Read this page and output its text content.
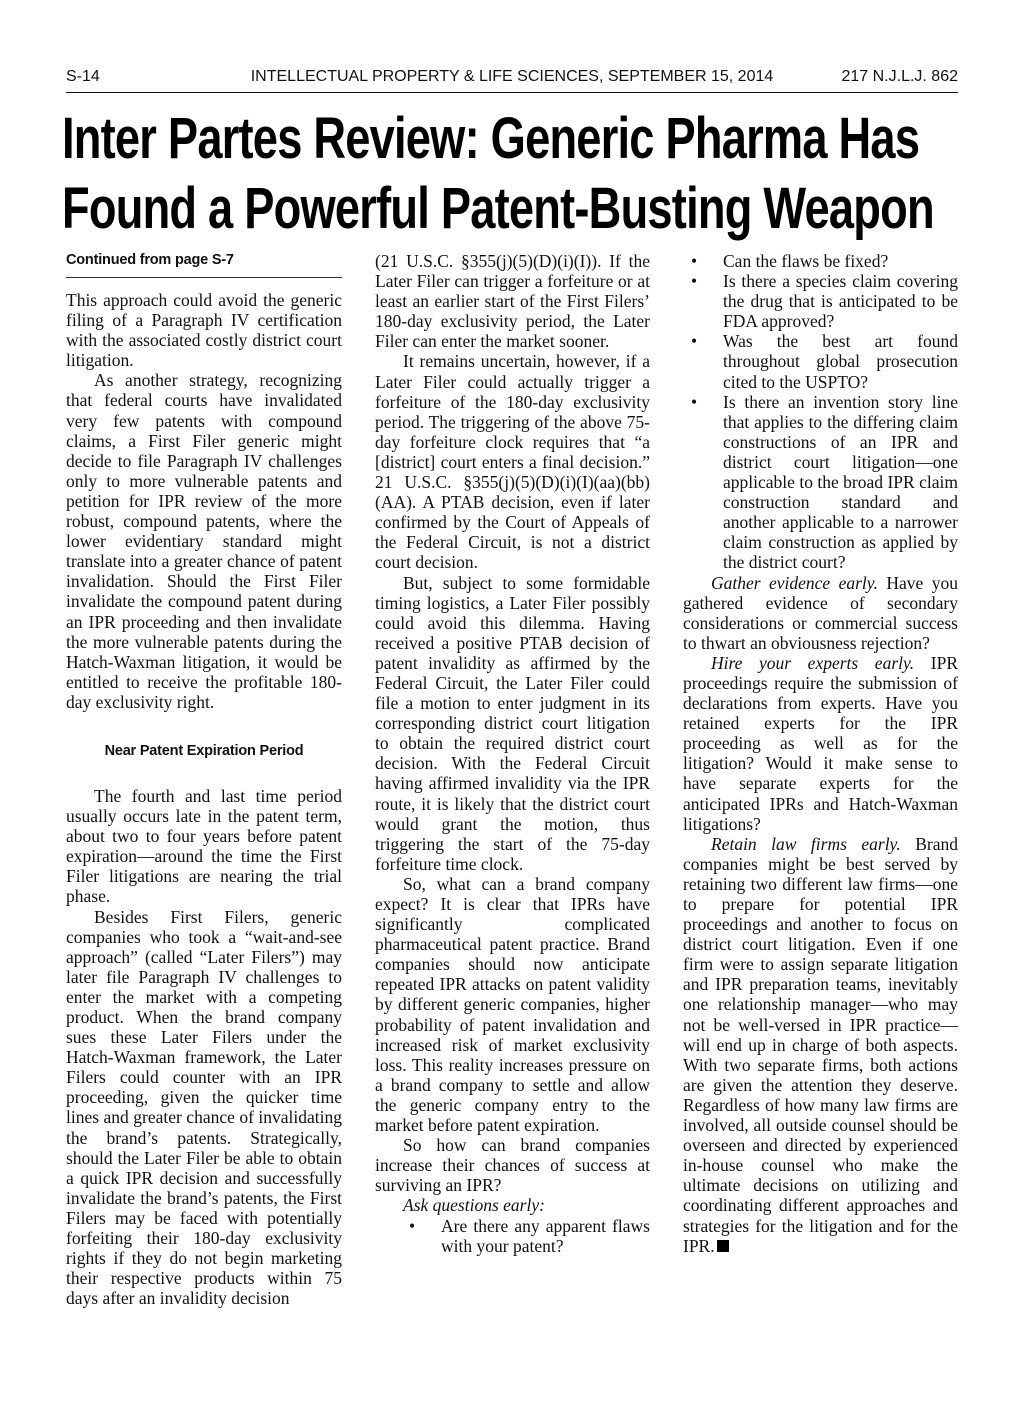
INTELLECTUAL PROPERTY & LIFE SCIENCES, SEPTEMBER 15, 2014
S-14	217 N.J.L.J. 862
Inter Partes Review: Generic Pharma Has
Found a Powerful Patent-Busting Weapon
Continued from page S-7

This approach could avoid the generic filing of a Paragraph IV certification with the associated costly district court litigation.

As another strategy, recognizing that federal courts have invalidated very few patents with compound claims, a First Filer generic might decide to file Paragraph IV challenges only to more vulnerable patents and petition for IPR review of the more robust, compound patents, where the lower evidentiary standard might translate into a greater chance of patent invalidation. Should the First Filer invalidate the compound patent during an IPR proceeding and then invalidate the more vulnerable patents during the Hatch-Waxman litigation, it would be entitled to receive the profitable 180-day exclusivity right.

Near Patent Expiration Period

The fourth and last time period usually occurs late in the patent term, about two to four years before patent expiration—around the time the First Filer litigations are nearing the trial phase.

Besides First Filers, generic companies who took a “wait-and-see approach” (called “Later Filers”) may later file Paragraph IV challenges to enter the market with a competing product. When the brand company sues these Later Filers under the Hatch-Waxman framework, the Later Filers could counter with an IPR proceeding, given the quicker time lines and greater chance of invalidating the brand’s patents. Strategically, should the Later Filer be able to obtain a quick IPR decision and successfully invalidate the brand’s patents, the First Filers may be faced with potentially forfeiting their 180-day exclusivity rights if they do not begin marketing their respective products within 75 days after an invalidity decision

(21 U.S.C. §355(j)(5)(D)(i)(I)). If the Later Filer can trigger a forfeiture or at least an earlier start of the First Filers’ 180-day exclusivity period, the Later Filer can enter the market sooner.

It remains uncertain, however, if a Later Filer could actually trigger a forfeiture of the 180-day exclusivity period. The triggering of the above 75-day forfeiture clock requires that “a [district] court enters a final decision.” 21 U.S.C. §355(j)(5)(D)(i)(I)(aa)(bb)(AA). A PTAB decision, even if later confirmed by the Court of Appeals of the Federal Circuit, is not a district court decision.

But, subject to some formidable timing logistics, a Later Filer possibly could avoid this dilemma. Having received a positive PTAB decision of patent invalidity as affirmed by the Federal Circuit, the Later Filer could file a motion to enter judgment in its corresponding district court litigation to obtain the required district court decision. With the Federal Circuit having affirmed invalidity via the IPR route, it is likely that the district court would grant the motion, thus triggering the start of the 75-day forfeiture time clock.

So, what can a brand company expect? It is clear that IPRs have significantly complicated pharmaceutical patent practice. Brand companies should now anticipate repeated IPR attacks on patent validity by different generic companies, higher probability of patent invalidation and increased risk of market exclusivity loss. This reality increases pressure on a brand company to settle and allow the generic company entry to the market before patent expiration.

So how can brand companies increase their chances of success at surviving an IPR?

Ask questions early:

• Are there any apparent flaws with your patent?
• Can the flaws be fixed?
• Is there a species claim covering the drug that is anticipated to be FDA approved?
• Was the best art found throughout global prosecution cited to the USPTO?
• Is there an invention story line that applies to the differing claim constructions of an IPR and district court litigation—one applicable to the broad IPR claim construction standard and another applicable to a narrower claim construction as applied by the district court?

Gather evidence early. Have you gathered evidence of secondary considerations or commercial success to thwart an obviousness rejection?

Hire your experts early. IPR proceedings require the submission of declarations from experts. Have you retained experts for the IPR proceeding as well as for the litigation? Would it make sense to have separate experts for the anticipated IPRs and Hatch-Waxman litigations?

Retain law firms early. Brand companies might be best served by retaining two different law firms—one to prepare for potential IPR proceedings and another to focus on district court litigation. Even if one firm were to assign separate litigation and IPR preparation teams, inevitably one relationship manager—who may not be well-versed in IPR practice—will end up in charge of both aspects. With two separate firms, both actions are given the attention they deserve. Regardless of how many law firms are involved, all outside counsel should be overseen and directed by experienced in-house counsel who make the ultimate decisions on utilizing and coordinating different approaches and strategies for the litigation and for the IPR.
